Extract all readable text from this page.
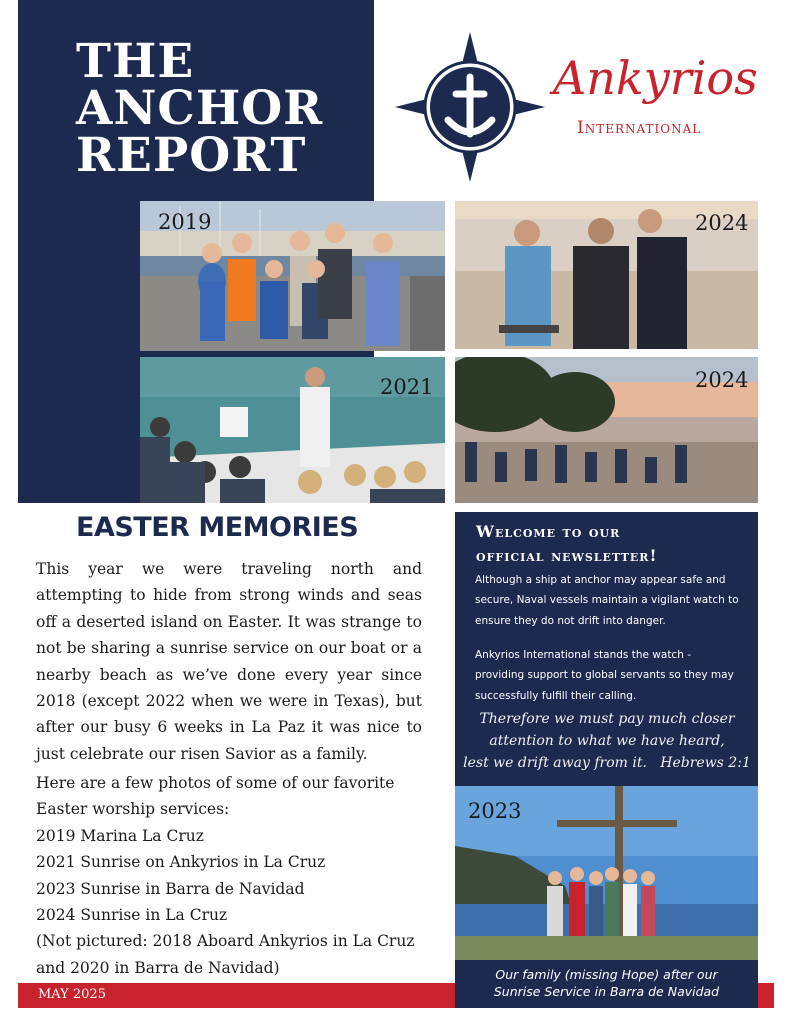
THE
ANCHOR
REPORT
Ankyrios
International
2019	2024
2021	2024
EASTER MEMORIES
This year we were traveling north and attempting to hide from strong winds and seas off a deserted island on Easter. It was strange to not be sharing a sunrise service on our boat or a nearby beach as we’ve done every year since 2018 (except 2022 when we were in Texas), but after our busy 6 weeks in La Paz it was nice to just celebrate our risen Savior as a family.
Here are a few photos of some of our favorite
Easter worship services:
2019 Marina La Cruz
2021 Sunrise on Ankyrios in La Cruz
2023 Sunrise in Barra de Navidad
2024 Sunrise in La Cruz
(Not pictured: 2018 Aboard Ankyrios in La Cruz
and 2020 in Barra de Navidad)
Welcome to our
official newsletter!
Although a ship at anchor may appear safe and secure, Naval vessels maintain a vigilant watch to ensure they do not drift into danger.
Ankyrios International stands the watch - providing support to global servants so they may successfully fulfill their calling.
Therefore we must pay much closer
attention to what we have heard,
lest we drift away from it.   Hebrews 2:1
2023
Our family (missing Hope) after our
Sunrise Service in Barra de Navidad
MAY 2025
